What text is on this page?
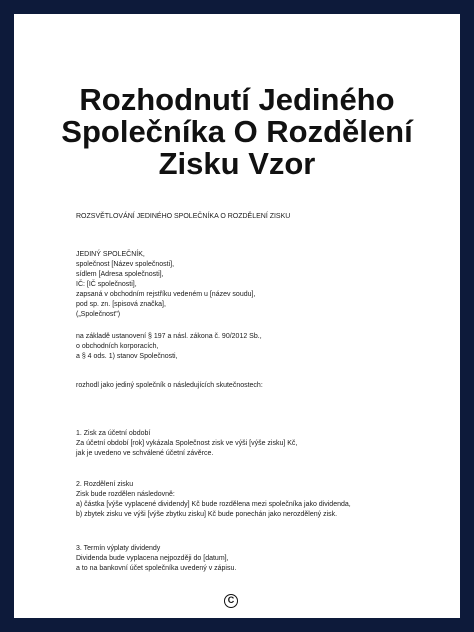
Rozhodnutí Jediného
Společníka O Rozdělení
Zisku Vzor
ROZSVĚTLOVÁNÍ JEDINÉHO SPOLEČNÍKA O ROZDĚLENÍ ZISKU
JEDINÝ SPOLEČNÍK,
společnost [Název společnosti],
sídlem [Adresa společnosti],
IČ: [IČ společnosti],
zapsaná v obchodním rejstříku vedeném u [název soudu],
pod sp. zn. [spisová značka],
(„Společnost")
na základě ustanovení § 197 a násl. zákona č. 90/2012 Sb.,
o obchodních korporacích,
a § 4 ods. 1) stanov Společnosti,
rozhodl jako jediný společník o následujících skutečnostech:
1. Zisk za účetní období
Za účetní období [rok] vykázala Společnost zisk ve výši [výše zisku] Kč,
jak je uvedeno ve schválené účetní závěrce.
2. Rozdělení zisku
Zisk bude rozdělen následovně:
a) částka [výše vyplacené dividendy] Kč bude rozdělena mezi společníka jako dividenda,
b) zbytek zisku ve výši [výše zbytku zisku] Kč bude ponechán jako nerozdělený zisk.
3. Termín výplaty dividendy
Dividenda bude vyplacena nejpozději do [datum],
a to na bankovní účet společníka uvedený v zápisu.
C
